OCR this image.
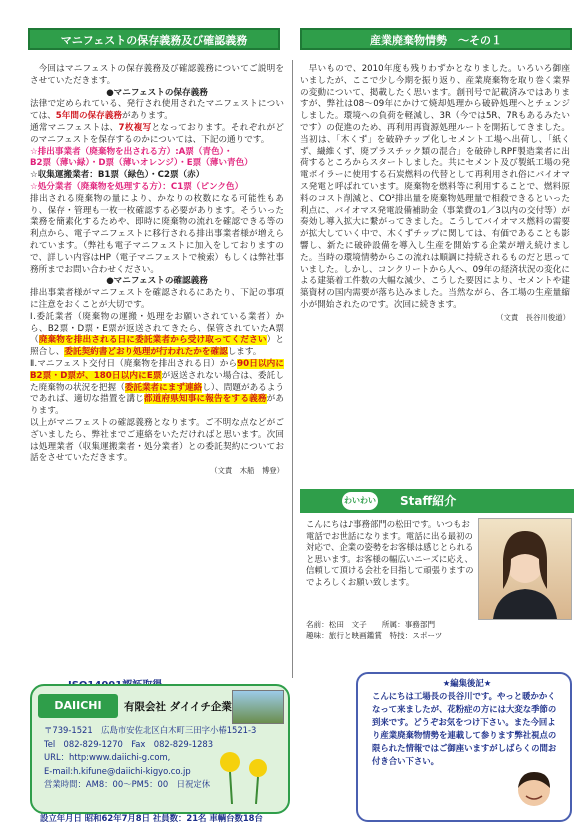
マニフェストの保存義務及び確認義務

今回はマニフェストの保存義務及び確認義務についてご説明をさせていただきます。

●マニフェストの保存義務

法律で定められている、発行され使用されたマニフェストについては、5年間の保存義務があります。

通常マニフェストは、7枚複写となっております。それぞれがどのマニフェストを保存するのかについては、下記の通りです。

☆排出事業者（廃棄物を出される方）:A票（青色）・

B2票（薄い緑）・D票（薄いオレンジ）・E票（薄い青色）

☆収集運搬業者：B1票（緑色）・C2票（赤）

☆処分業者（廃棄物を処理する方）：C1票（ピンク色）

排出される廃棄物の量により、かなりの枚数になる可能性もあり、保存・管理も一枚一枚確認する必要があります。そういった業務を簡素化するためや、即時に廃棄物の流れを確認できる等の利点から、電子マニフェストに移行される排出事業者様が増えられています。（弊社も電子マニフェストに加入をしておりますので、詳しい内容はHP（電子マニフェストで検索）もしくは弊社事務所までお問い合わせください。

●マニフェストの確認義務

排出事業者様がマニフェストを確認されるにあたり、下記の事項に注意をおくことが大切です。

Ⅰ.委託業者（廃棄物の運搬・処理をお願いされている業者）から、B2票・D票・E票が返送されてきたら、保管されていたA票（廃棄物を排出される日に委託業者から受け取ってください）と照合し、委託契約書どおり処理が行われたかを確認します。

Ⅱ.マニフェスト交付日（廃棄物を排出される日）から90日以内にB2票・D票が、180日以内にE票が返送されない場合は、委託した廃棄物の状況を把握（委託業者にまず連絡し）、問題があるようであれば、適切な措置を講じ都道府県知事に報告をする義務があります。

以上がマニフェストの確認義務となります。ご不明な点などがございましたら、弊社までご連絡をいただければと思います。次回は処理業者（収集運搬業者・処分業者）との委託契約についてお話をさせていただきます。

（文責　木船　博登）

産業廃棄物情勢　～その１

早いもので、2010年度も残りわずかとなりました。いろいろ御座いましたが、ここで少し今期を振り返り、産業廃棄物を取り巻く業界の変動について、掲載したく思います。創刊号で記載済みではありますが、弊社は08～09年にかけて焼却処理から破砕処理へとチェンジしました。環境への負荷を軽減し、3R（今では5R、7Rもあるみたいです）の促進のため、再利用再資源処理ルートを開拓してきました。当初は、「木くず」を破砕チップ化しセメント工場へ出荷し、「紙くず、繊維くず、廃プラスチック類の混合」を破砕しRPF製造業者に出荷するところからスタートしました。共にセメント及び製紙工場の発電ボイラーに使用する石炭燃料の代替として再利用され俗にバイオマス発電と呼ばれています。廃棄物を燃料等に利用することで、燃料原料のコスト削減と、CO²排出量を廃棄物処理量で相殺できるといった利点に、バイオマス発電設備補助金（事業費の1／3以内の交付等）が奏効し導入拡大に繋がってきました。こうしてバイオマス燃料の需要が拡大していく中で、木くずチップに関しては、有価であることも影響し、新たに破砕設備を導入し生産を開始する企業が増え続けました。当時の環境情勢からこの流れは順調に持続されるものだと思っていました。しかし、コンクリートから人へ、09年の経済状況の変化による建築着工件数の大幅な減少、こうした要因により、セメントや建築資材の国内需要が落ち込みました。当然ながら、各工場の生産量縮小が開始されたのです。次回に続きます。

（文責　長谷川俊道）

わいわい Staff紹介

こんにちは♪事務部門の松田です。いつもお電話でお世話になります。電話に出る最初の対応で、企業の姿勢をお客様は感じとられると思います。お客様の幅広いニーズに応え、信頼して頂ける会社を目指して頑張りますのでよろしくお願い致します。

名前：松田　文子　　所属：事務部門
趣味：旅行と映画鑑賞　特技：スポーツ
DAIICHI	有限会社 ダイイチ企業
〒739-1521　広島市安佐北区白木町三田字小椿1521-3
Tel　082-829-1270　Fax　082-829-1283
URL：http:www.daiichi-g.com,
E-mail:h.kifune@daiichi-kigyo.co.jp
営業時間：AM8：00～PM5：00　日祝定休
設立年月日 昭和62年7月8日 社員数：21名 車輌台数18台
★編集後記★
こんにちは工場長の長谷川です。やっと暖かかくなって来ましたが、花粉症の方には大変な季節の到来です。どうぞお気をつけ下さい。また今回より産業廃棄物情勢を連載して参ります弊社視点の限られた情報ではご御座いますがしばらくの間お付き合い下さい。
